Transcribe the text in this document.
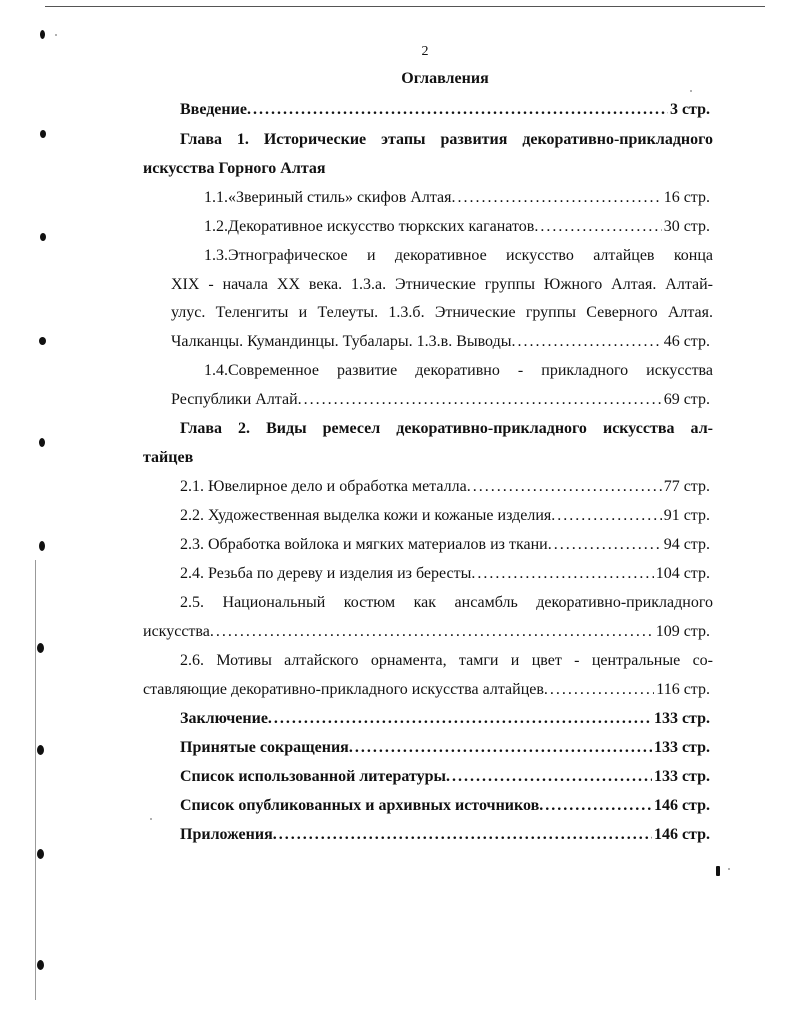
2
Оглавления
Введение . . .	3 стр.
Глава 1. Исторические этапы развития декоративно-прикладного
искусства Горного Алтая
1.1.«Звериный стиль» скифов Алтая . . .	16 стр.
1.2.Декоративное искусство тюркских каганатов . . .	30 стр.
1.3.Этнографическое и декоративное искусство алтайцев конца
XIX - начала XX века. 1.3.а. Этнические группы Южного Алтая. Алтай-
улус. Теленгиты и Телеуты. 1.3.б. Этнические группы Северного Алтая.
Чалканцы. Кумандинцы. Тубалары. 1.3.в. Выводы . . .	46 стр.
1.4.Современное развитие декоративно - прикладного искусства
Республики Алтай . . .	69 стр.
Глава 2. Виды ремесел декоративно-прикладного искусства ал-
тайцев
2.1. Ювелирное дело и обработка металла . . .	77 стр.
2.2. Художественная выделка кожи и кожаные изделия . . .	91 стр.
2.3. Обработка войлока и мягких материалов из ткани . . .	94 стр.
2.4. Резьба по дереву и изделия из бересты . . .	104 стр.
2.5. Национальный костюм как ансамбль декоративно-прикладного
искусства . . .	109 стр.
2.6. Мотивы алтайского орнамента, тамги и цвет - центральные со-
ставляющие декоративно-прикладного искусства алтайцев . . .	116 стр.
Заключение . . .	133 стр.
Принятые сокращения . . .	133 стр.
Список использованной литературы . . .	133 стр.
Список опубликованных и архивных источников . . .	146 стр.
Приложения . . .	146 стр.
